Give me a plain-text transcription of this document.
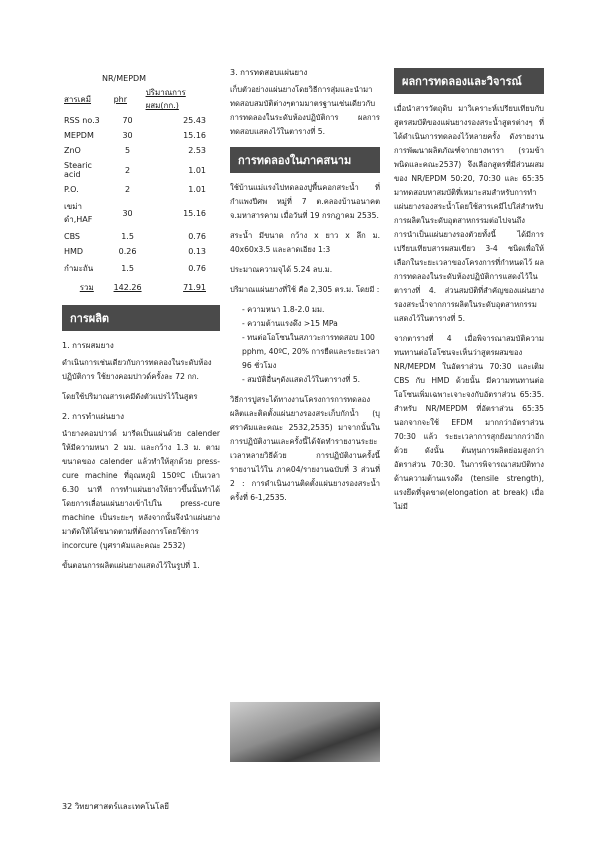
NR/MEPDM
สารเคมี	phr	ปริมาณการ ผสม(กก.)
RSS no.3	70	25.43
MEPDM	30	15.16
ZnO	5	2.53
Stearic acid	2	1.01
P.O.	2	1.01
เขม่าดำ,HAF	30	15.16
CBS	1.5	0.76
HMD	0.26	0.13
กำมะถัน	1.5	0.76
รวม	142.26	71.91
การผลิต
1. การผสมยาง

ดำเนินการเช่นเดียวกับการทดลองในระดับห้องปฏิบัติการ ใช้ยางคอมปาวด์ครั้งละ 72 กก.

โดยใช้ปริมาณสารเคมีดังตัวแปรไว้ในสูตร

2. การทำแผ่นยาง

นำยางคอมปาวด์ มารีดเป็นแผ่นด้วย calender ให้มีความหนา 2 มม. และกว้าง 1.3 ม. ตามขนาดของ calender แล้วทำให้สุกด้วย press-cure machine ที่อุณหภูมิ 150ºC เป็นเวลา 6.30 นาที การทำแผ่นยางให้ยาวขึ้นนั้นทำได้โดยการเลื่อนแผ่นยางเข้าไปใน press-cure machine เป็นระยะๆ หลังจากนั้นจึงนำแผ่นยางมาตัดให้ได้ขนาดตามที่ต้องการโดยใช้การ incorcure (บุศราคัมและคณะ 2532)

ขั้นตอนการผลิตแผ่นยางแสดงไว้ในรูปที่ 1.

3. การทดสอบแผ่นยาง

เก็บตัวอย่างแผ่นยางโดยวิธีการสุ่มและนำมาทดสอบสมบัติต่างๆตามมาตรฐานเช่นเดียวกับการทดลองในระดับห้องปฏิบัติการ ผลการทดสอบแสดงไว้ในตารางที่ 5.

การทดลองในภาคสนาม

ใช้บ้านแม่แรงไปทดลองปูพื้นคอกสระน้ำ ที่กำแพงปีศพ หมู่ที่ 7 ต.คลองบ้านอนาคต จ.มหาสารคาม เมื่อวันที่ 19 กรกฎาคม 2535.

สระน้ำ มีขนาด กว้าง x ยาว x ลึก ม. 40x60x3.5 และลาดเอียง 1:3

ประมาณความจุได้ 5.24 ลบ.ม.

ปริมาณแผ่นยางที่ใช้ คือ 2,305 ตร.ม. โดยมี :

- ความหนา 1.8-2.0 มม.
- ความต้านแรงดึง >15 MPa
- ทนต่อโอโซนในสภาวะการทดสอบ 100 pphm, 40ºC, 20% การยืดและระยะเวลา 96 ชั่วโมง
- สมบัติอื่นๆดังแสดงไว้ในตารางที่ 5.

วิธีการปูสระได้ทางงานโครงการการทดลองผลิตและติดตั้งแผ่นยางรองสระเก็บกักน้ำ (บุศราคัมและคณะ 2532,2535) มาจากนั้นในการปฏิบัติงานและครั้งนี้ได้จัดทำรายงานระยะเวลาหลายวิธีด้วย การปฏิบัติงานครั้งนี้ รายงานไว้ใน ภาค04/รายงานฉบับที่ 3 ส่วนที่ 2 : การดำเนินงานติดตั้งแผ่นยางรองสระน้ำ ครั้งที่ 6-1,2535.

ผลการทดลองและวิจารณ์

เมื่อนำสารวัตถุดิบ มาวิเคราะห์เปรียบเทียบกับ สูตรสมบัติของแผ่นยางรองสระน้ำสูตรต่างๆ ที่ได้ดำเนินการทดลองไว้หลายครั้ง ดังรายงานการพัฒนาผลิตภัณฑ์จากยางพารา (รวมข้าพนิดและคณะ2537) จึงเลือกสูตรที่มีส่วนผสมของ NR/EPDM 50:20, 70:30 และ 65:35 มาทดสอบหาสมบัติที่เหมาะสมสำหรับการทำแผ่นยางรองสระน้ำโดยใช้สารเคมีไปใส่สำหรับการผลิตในระดับอุตสาหกรรมต่อไปจนถึงการนำเป็นแผ่นยางรองตัวยทั้งนี้ ได้มีการเปรียบเทียบสารผสมเขียว 3-4 ชนิดเพื่อให้เลือกในระยะเวลาของโครงการที่กำหนดไว้ ผลการทดลองในระดับห้องปฏิบัติการแสดงไว้ในตารางที่ 4. ส่วนสมบัติที่สำคัญของแผ่นยางรองสระน้ำจากการผลิตในระดับอุตสาหกรรมแสดงไว้ในตารางที่ 5.

จากตารางที่ 4 เมื่อพิจารณาสมบัติความทนทานต่อโอโซนจะเห็นว่าสูตรผสมของ NR/MEPDM ในอัตราส่วน 70:30 และเติม CBS กับ HMD ด้วยนั้น มีความทนทานต่อโอโซนเพิ่มเฉพาะเจาะจงกับอัตราส่วน 65:35. สำหรับ NR/MEPDM ที่อัตราส่วน 65:35 นอกจากจะใช้ EFDM มากกว่าอัตราส่วน 70:30 แล้ว ระยะเวลาการสุกยังมากกว่าอีกด้วย ดังนั้น ต้นทุนการผลิตย่อมสูงกว่าอัตราส่วน 70:30. ในการพิจารณาสมบัติทางด้านความต้านแรงดึง (tensile strength), แรงยึดที่จุดขาด(elongation at break) เมื่อไม่มี

32 วิทยาศาสตร์และเทคโนโลยี
